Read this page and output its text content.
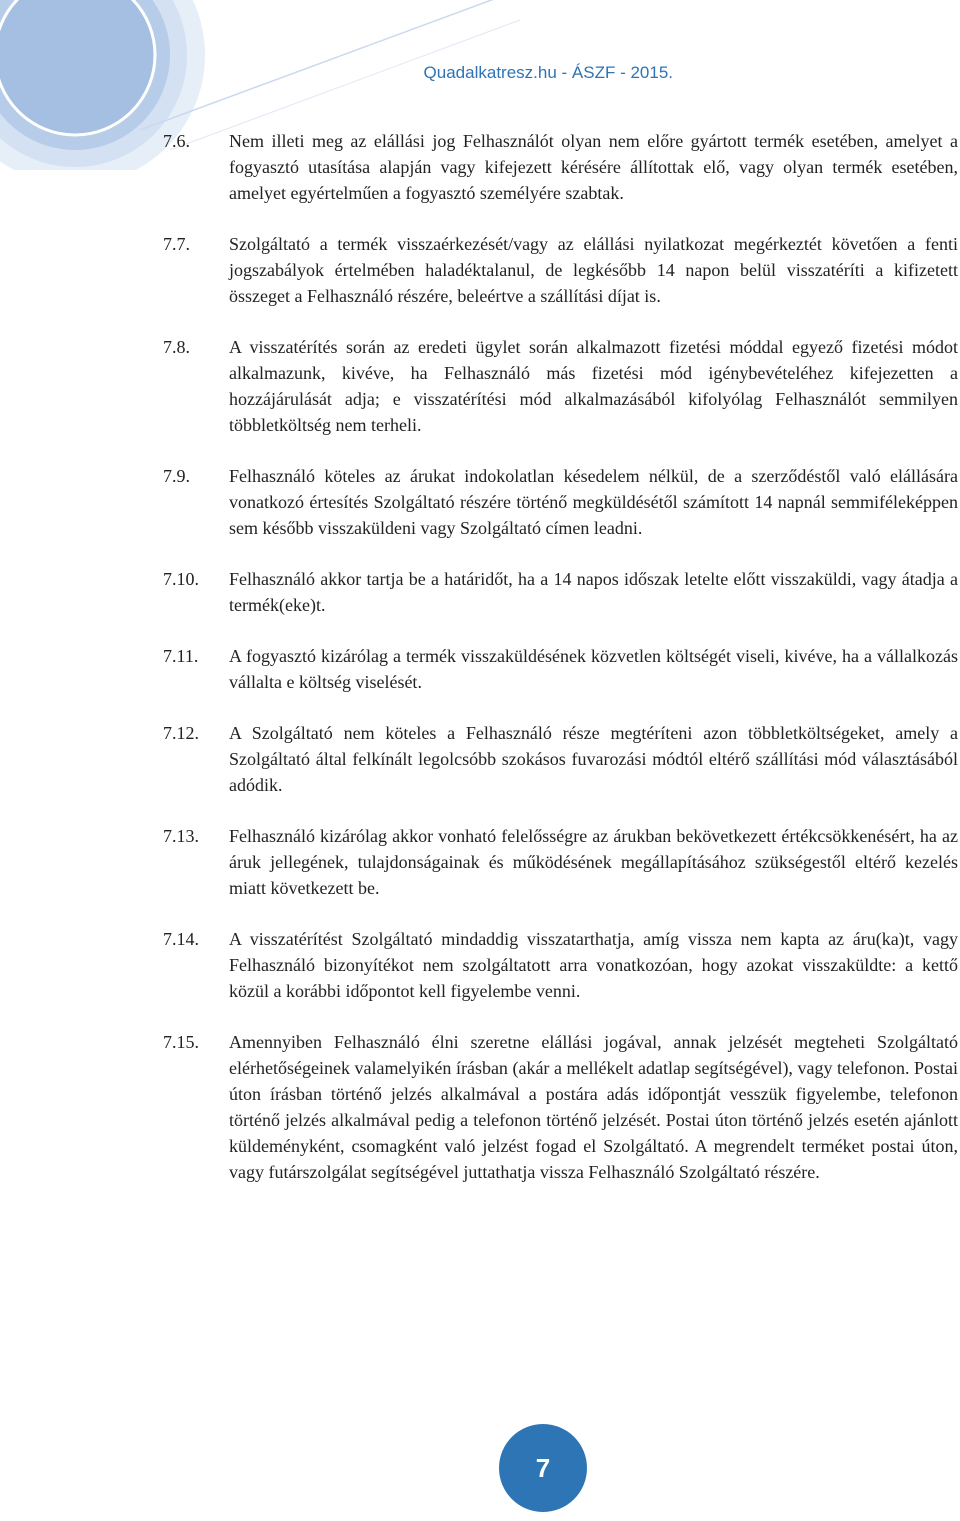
Quadalkatresz.hu - ÁSZF - 2015.
7.6.	Nem illeti meg az elállási jog Felhasználót olyan nem előre gyártott termék esetében, amelyet a fogyasztó utasítása alapján vagy kifejezett kérésére állítottak elő, vagy olyan termék esetében, amelyet egyértelműen a fogyasztó személyére szabtak.
7.7.	Szolgáltató a termék visszaérkezését/vagy az elállási nyilatkozat megérkeztét követően a fenti jogszabályok értelmében haladéktalanul, de legkésőbb 14 napon belül visszatéríti a kifizetett összeget a Felhasználó részére, beleértve a szállítási díjat is.
7.8.	A visszatérítés során az eredeti ügylet során alkalmazott fizetési móddal egyező fizetési módot alkalmazunk, kivéve, ha Felhasználó más fizetési mód igénybevételéhez kifejezetten a hozzájárulását adja; e visszatérítési mód alkalmazásából kifolyólag Felhasználót semmilyen többletköltség nem terheli.
7.9.	Felhasználó köteles az árukat indokolatlan késedelem nélkül, de a szerződéstől való elállására vonatkozó értesítés Szolgáltató részére történő megküldésétől számított 14 napnál semmiféleképpen sem később visszaküldeni vagy Szolgáltató címen leadni.
7.10.	Felhasználó akkor tartja be a határidőt, ha a 14 napos időszak letelte előtt visszaküldi, vagy átadja a termék(eke)t.
7.11.	A fogyasztó kizárólag a termék visszaküldésének közvetlen költségét viseli, kivéve, ha a vállalkozás vállalta e költség viselését.
7.12.	A Szolgáltató nem köteles a Felhasználó része megtéríteni azon többletköltségeket, amely a Szolgáltató által felkínált legolcsóbb szokásos fuvarozási módtól eltérő szállítási mód választásából adódik.
7.13.	Felhasználó kizárólag akkor vonható felelősségre az árukban bekövetkezett értékcsökkenésért, ha az áruk jellegének, tulajdonságainak és működésének megállapításához szükségestől eltérő kezelés miatt következett be.
7.14.	A visszatérítést Szolgáltató mindaddig visszatarthatja, amíg vissza nem kapta az áru(ka)t, vagy Felhasználó bizonyítékot nem szolgáltatott arra vonatkozóan, hogy azokat visszaküldte: a kettő közül a korábbi időpontot kell figyelembe venni.
7.15.	Amennyiben Felhasználó élni szeretne elállási jogával, annak jelzését megteheti Szolgáltató elérhetőségeinek valamelyikén írásban (akár a mellékelt adatlap segítségével), vagy telefonon. Postai úton írásban történő jelzés alkalmával a postára adás időpontját vesszük figyelembe, telefonon történő jelzés alkalmával pedig a telefonon történő jelzését. Postai úton történő jelzés esetén ajánlott küldeményként, csomagként való jelzést fogad el Szolgáltató. A megrendelt terméket postai úton, vagy futárszolgálat segítségével juttathatja vissza Felhasználó Szolgáltató részére.
7
